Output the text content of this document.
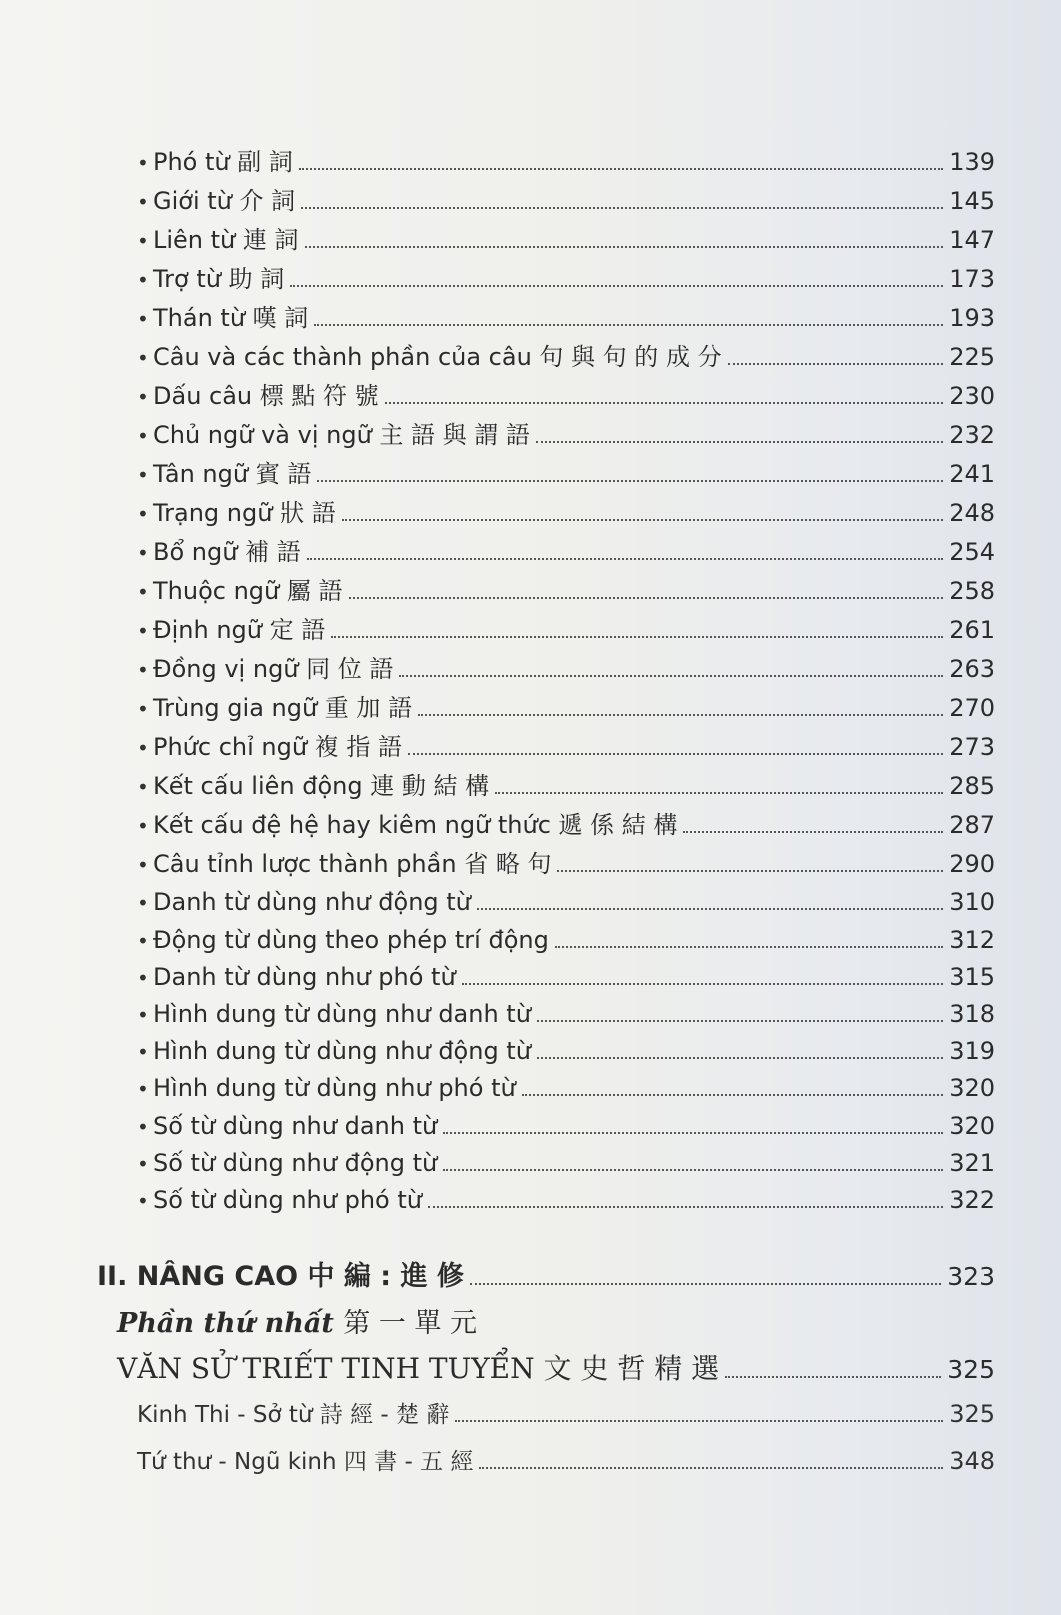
• Phó từ 副 詞	139
• Giới từ 介 詞	145
• Liên từ 連 詞	147
• Trợ từ 助 詞	173
• Thán từ 嘆 詞	193
• Câu và các thành phần của câu 句 與 句 的 成 分	225
• Dấu câu 標 點 符 號	230
• Chủ ngữ và vị ngữ 主 語 與 謂 語	232
• Tân ngữ 賓 語	241
• Trạng ngữ 狀 語	248
• Bổ ngữ 補 語	254
• Thuộc ngữ 屬 語	258
• Định ngữ 定 語	261
• Đồng vị ngữ 同 位 語	263
• Trùng gia ngữ 重 加 語	270
• Phức chỉ ngữ 複 指 語	273
• Kết cấu liên động 連 動 結 構	285
• Kết cấu đệ hệ hay kiêm ngữ thức 遞 係 結 構	287
• Câu tỉnh lược thành phần 省 略 句	290
• Danh từ dùng như động từ	310
• Động từ dùng theo phép trí động	312
• Danh từ dùng như phó từ	315
• Hình dung từ dùng như danh từ	318
• Hình dung từ dùng như động từ	319
• Hình dung từ dùng như phó từ	320
• Số từ dùng như danh từ	320
• Số từ dùng như động từ	321
• Số từ dùng như phó từ	322
II. NÂNG CAO 中 編 : 進 修	323
Phần thứ nhất 第 一 單 元
VĂN SỬ TRIẾT TINH TUYỂN 文 史 哲 精 選	325
Kinh Thi - Sở từ 詩 經 - 楚 辭	325
Tứ thư - Ngũ kinh 四 書 - 五 經	348
